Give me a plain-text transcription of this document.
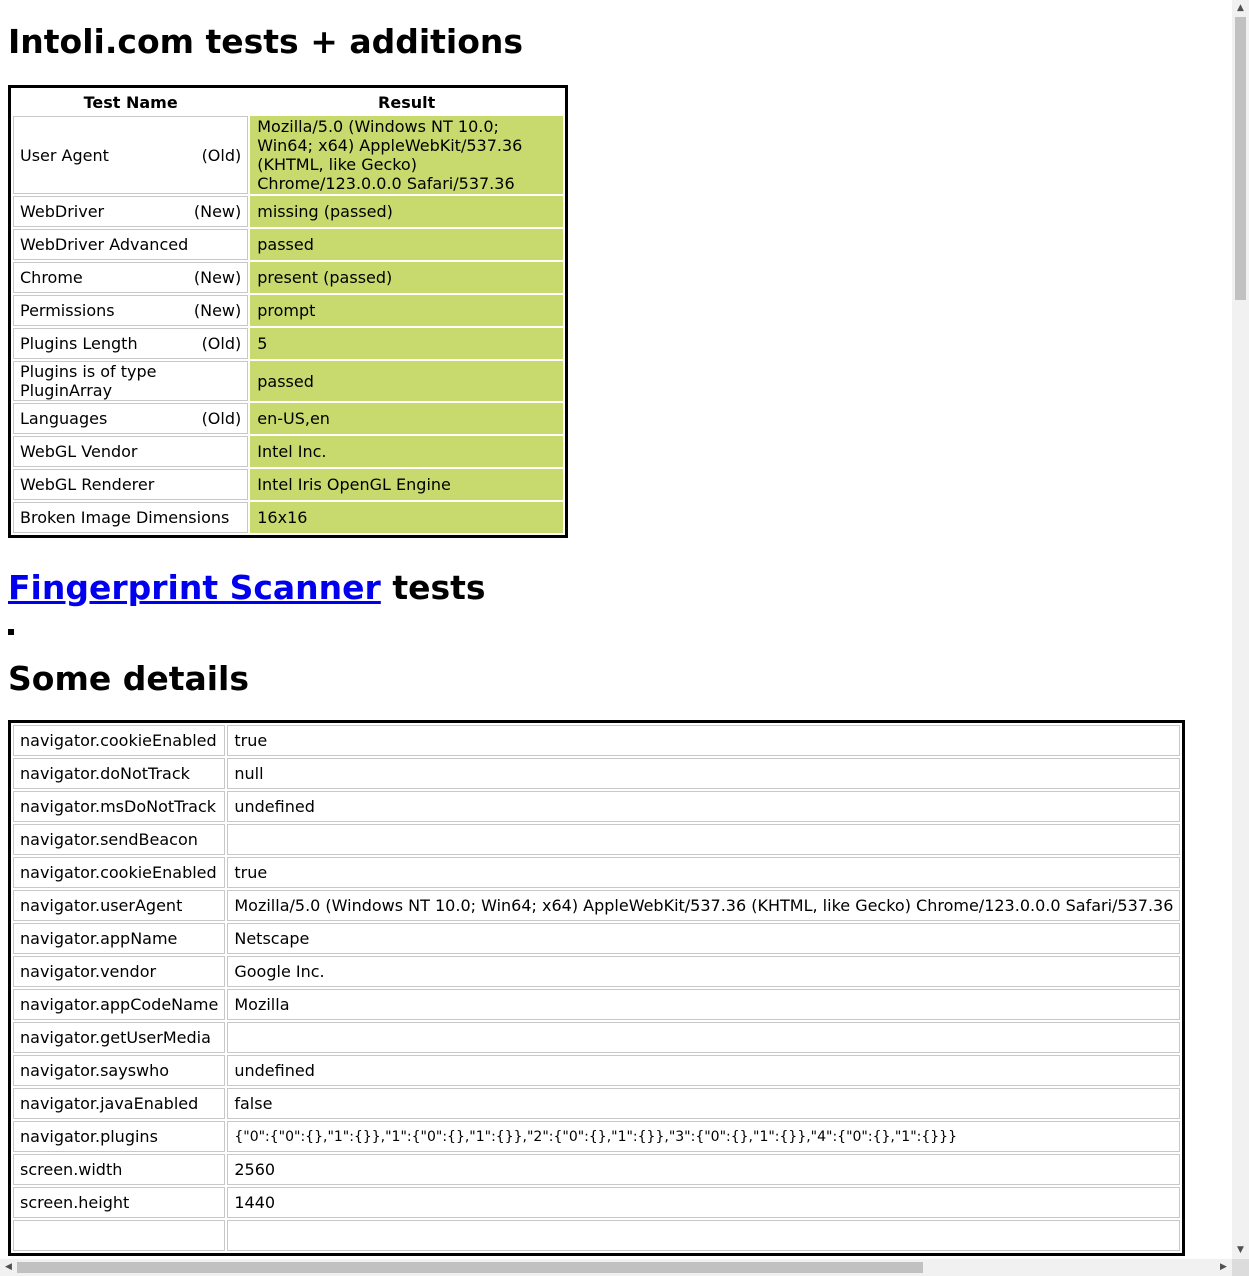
Intoli.com tests + additions
Test Name	Result

User Agent (Old)	Mozilla/5.0 (Windows NT 10.0; Win64; x64) AppleWebKit/537.36 (KHTML, like Gecko) Chrome/123.0.0.0 Safari/537.36

WebDriver (New)	missing (passed)

WebDriver Advanced	passed

Chrome (New)	present (passed)

Permissions (New)	prompt

Plugins Length (Old)	5

Plugins is of type PluginArray	passed

Languages (Old)	en-US,en

WebGL Vendor	Intel Inc.

WebGL Renderer	Intel Iris OpenGL Engine

Broken Image Dimensions	16x16
Fingerprint Scanner tests
Some details
navigator.cookieEnabled	true
navigator.doNotTrack	null
navigator.msDoNotTrack	undefined
navigator.sendBeacon	
navigator.cookieEnabled	true
navigator.userAgent	Mozilla/5.0 (Windows NT 10.0; Win64; x64) AppleWebKit/537.36 (KHTML, like Gecko) Chrome/123.0.0.0 Safari/537.36
navigator.appName	Netscape
navigator.vendor	Google Inc.
navigator.appCodeName	Mozilla
navigator.getUserMedia	
navigator.sayswho	undefined
navigator.javaEnabled	false
navigator.plugins	{"0":{"0":{},"1":{}},"1":{"0":{},"1":{}},"2":{"0":{},"1":{}},"3":{"0":{},"1":{}},"4":{"0":{},"1":{}}}
screen.width	2560
screen.height	1440

▲
▼
◀	▶
